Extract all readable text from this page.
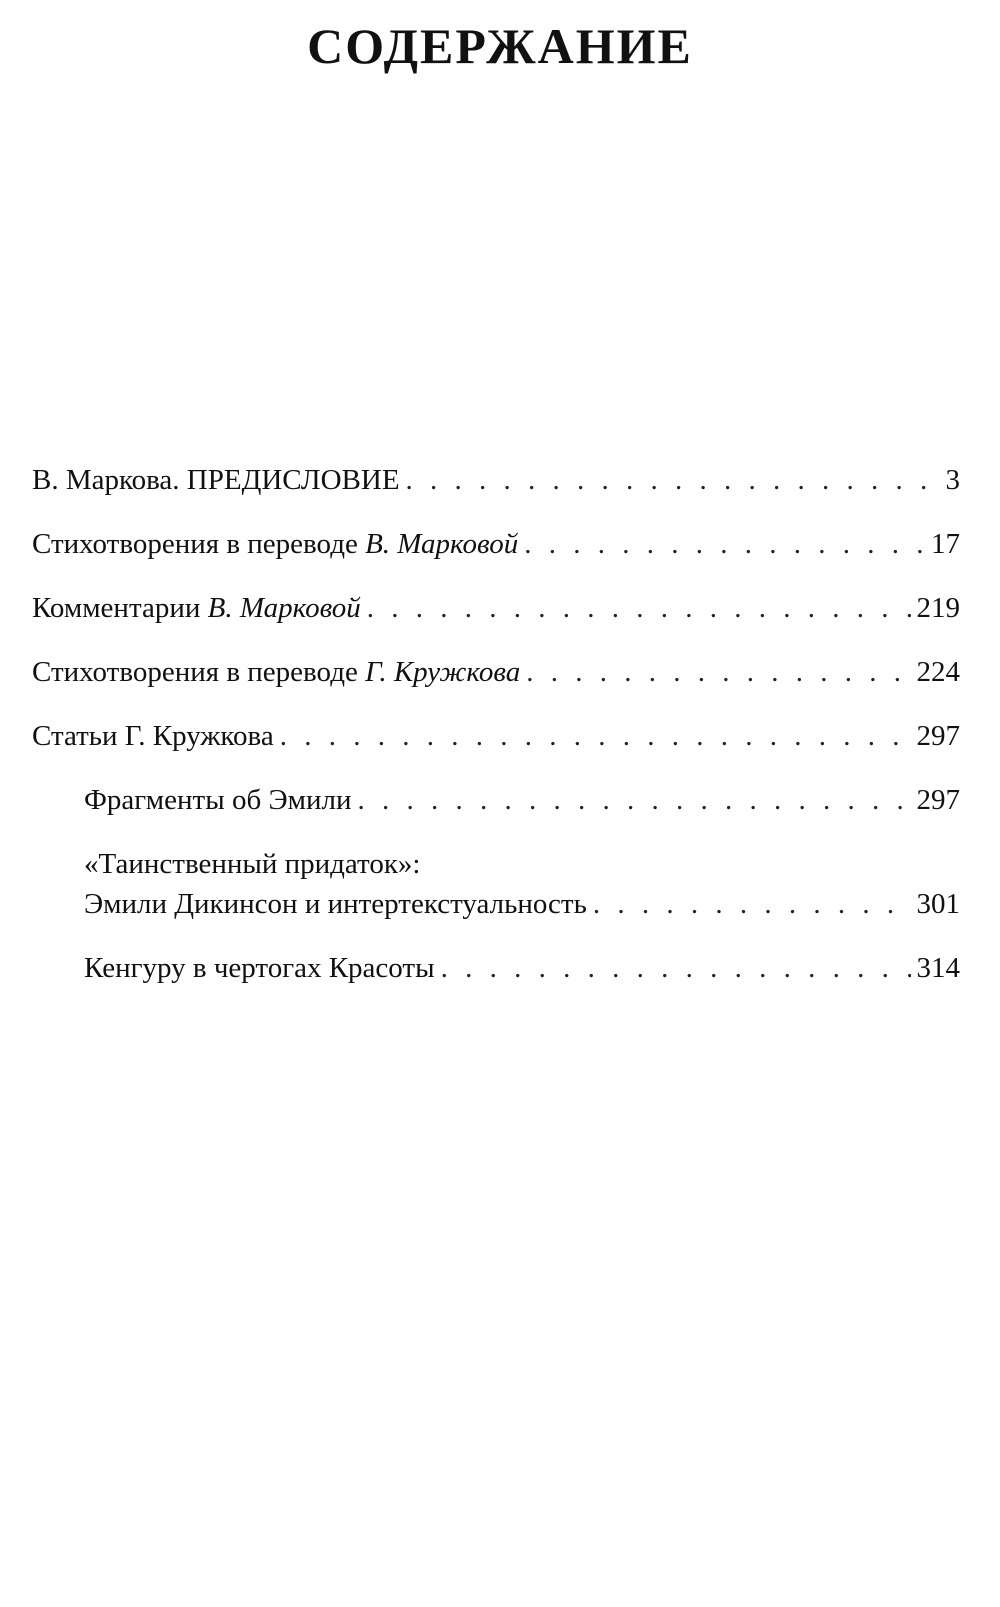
СОДЕРЖАНИЕ
В. Маркова. ПРЕДИСЛОВИЕ . . .	3
Стихотворения в переводе В. Марковой . . .	17
Комментарии В. Марковой . . .	219
Стихотворения в переводе Г. Кружкова . . .	224
Статьи Г. Кружкова . . .	297
Фрагменты об Эмили . . .	297
«Таинственный придаток»:
Эмили Дикинсон и интертекстуальность . . .	301
Кенгуру в чертогах Красоты . . .	314
